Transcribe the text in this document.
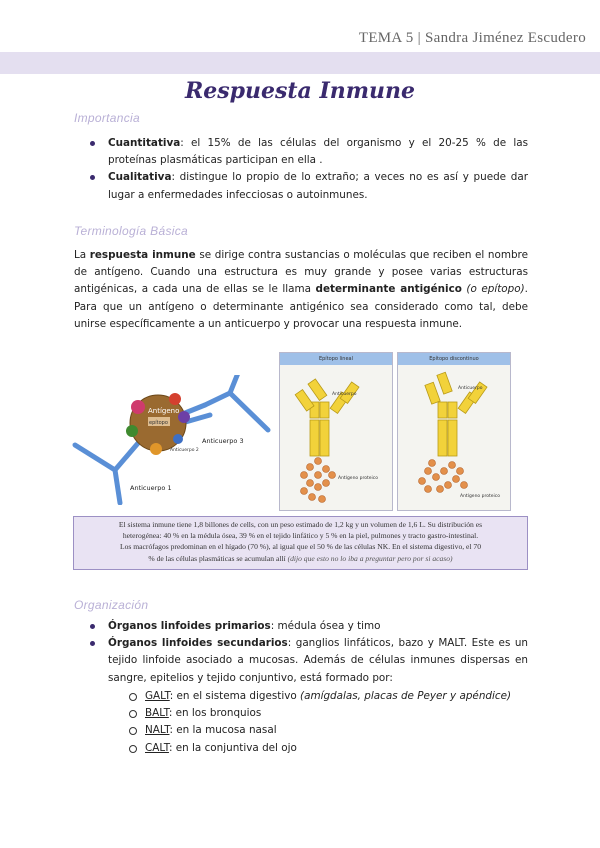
TEMA 5 | Sandra Jiménez Escudero
Respuesta Inmune
Importancia
Cuantitativa: el 15% de las células del organismo y el 20-25 % de las proteínas plasmáticas participan en ella .
Cualitativa: distingue lo propio de lo extraño; a veces no es así y puede dar lugar a enfermedades infecciosas o autoinmunes.
Terminología Básica
La respuesta inmune se dirige contra sustancias o moléculas que reciben el nombre de antígeno. Cuando una estructura es muy grande y posee varias estructuras antigénicas, a cada una de ellas se le llama determinante antigénico (o epítopo). Para que un antígeno o determinante antigénico sea considerado como tal, debe unirse específicamente a un anticuerpo y provocar una respuesta inmune.
Antígeno
epítopo
Anticuerpo 3
Anticuerpo 2
Anticuerpo 1
Epítopo lineal
Anticuerpo
Antígeno proteico
Epítopo discontinuo
Anticuerpo
Antígeno proteico
El sistema inmune tiene 1,8 billones de cells, con un peso estimado de 1,2 kg y un volumen de 1,6 L. Su distribución es
heterogénea: 40 % en la médula ósea, 39 % en el tejido linfático y 5 % en la piel, pulmones y tracto gastro-intestinal.
Los macrófagos predominan en el hígado (70 %), al igual que el 50 % de las células NK. En el sistema digestivo, el 70
% de las células plasmáticas se acumulan allí (dijo que esto no lo iba a preguntar pero por si acaso)
Organización
Órganos linfoides primarios: médula ósea y timo
Órganos linfoides secundarios: ganglios linfáticos, bazo y MALT. Este es un tejido linfoide asociado a mucosas. Además de células inmunes dispersas en sangre, epitelios y tejido conjuntivo, está formado por:
GALT: en el sistema digestivo (amígdalas, placas de Peyer y apéndice)
BALT: en los bronquios
NALT: en la mucosa nasal
CALT: en la conjuntiva del ojo
